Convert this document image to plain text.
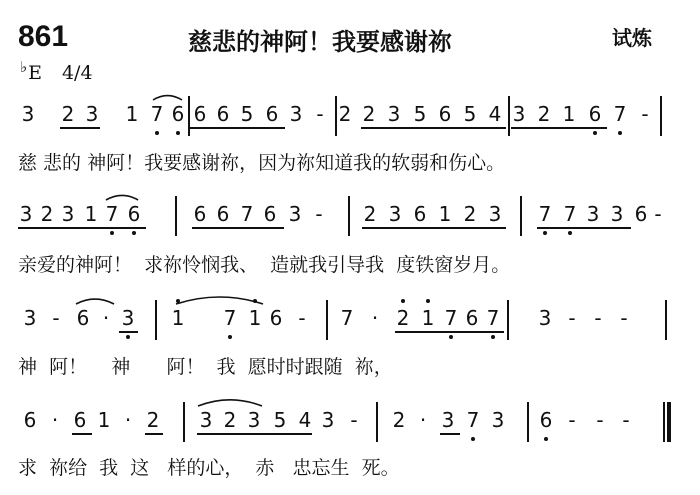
861	慈悲的神阿！我要感谢祢	试炼
♭E 4/4
3 2 3 1 7 6 6 6 5 6 3 - 2 2 3 5 6 5 4 3 2 1 6 7 -
慈 悲的 神阿！我要感谢祢，因为祢知道我的软弱和伤心。
3 2 3 1 7 6	6 6 7 6 3 - 2 3 6 1 2 3 7 7 3 3 6 -
亲爱的神阿！  求祢怜悯我、  造就我引导我  度铁窗岁月。
3 - 6 · 3 1 7 1 6 - 7 · 2 1 7 6 7 3 - - -
神  阿！    神      阿！  我  愿时时跟随  祢，
6 · 6 1 · 2 3 2 3 5 4 3 - 2 · 3 7 3 6 - - -
求  祢给  我  这   样的心，  赤   忠忘生  死。
